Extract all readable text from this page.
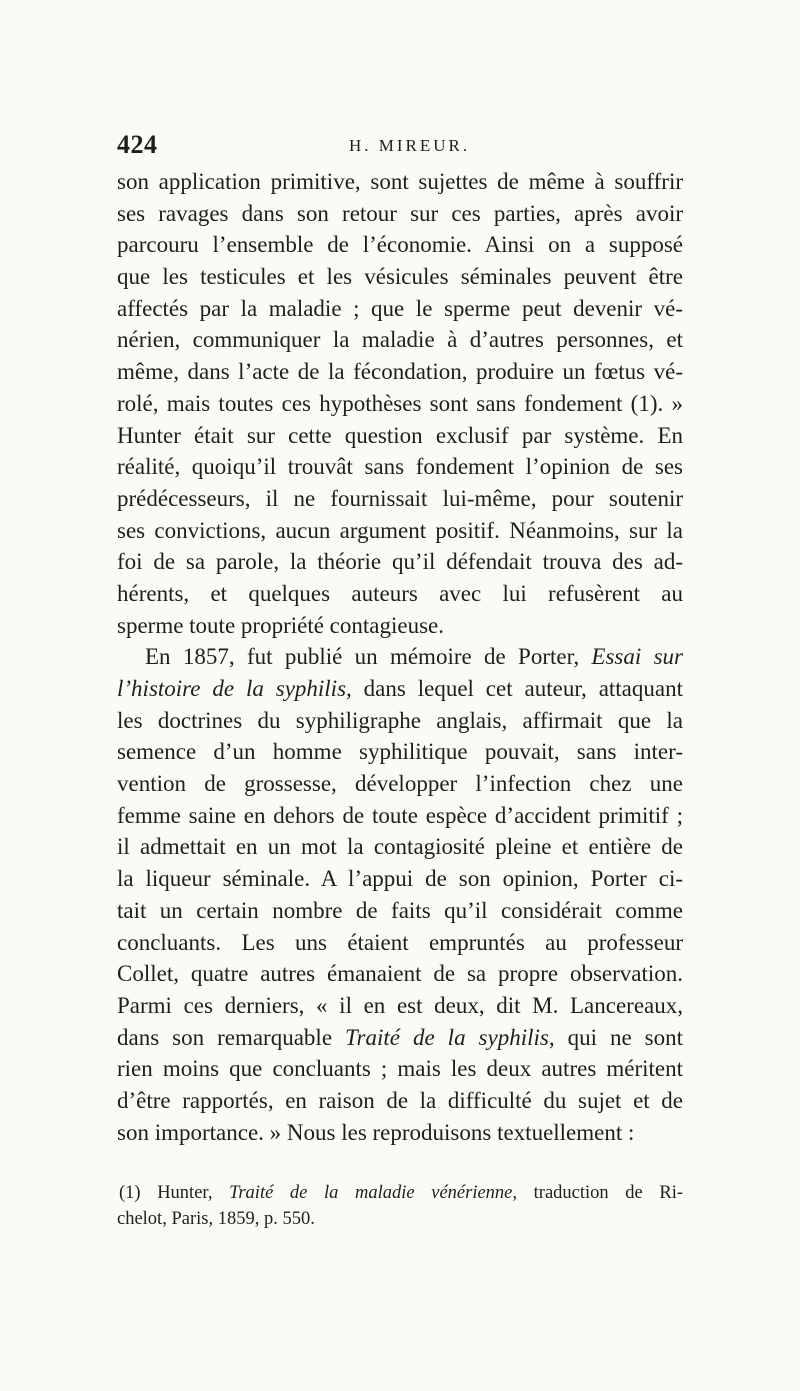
424	H. MIREUR.
son application primitive, sont sujettes de même à souffrir
ses ravages dans son retour sur ces parties, après avoir
parcouru l’ensemble de l’économie. Ainsi on a supposé
que les testicules et les vésicules séminales peuvent être
affectés par la maladie ; que le sperme peut devenir vé-
nérien, communiquer la maladie à d’autres personnes, et
même, dans l’acte de la fécondation, produire un fœtus vé-
rolé, mais toutes ces hypothèses sont sans fondement (1). »
Hunter était sur cette question exclusif par système. En
réalité, quoiqu’il trouvât sans fondement l’opinion de ses
prédécesseurs, il ne fournissait lui-même, pour soutenir
ses convictions, aucun argument positif. Néanmoins, sur la
foi de sa parole, la théorie qu’il défendait trouva des ad-
hérents, et quelques auteurs avec lui refusèrent au
sperme toute propriété contagieuse.
En 1857, fut publié un mémoire de Porter, Essai sur
l’histoire de la syphilis, dans lequel cet auteur, attaquant
les doctrines du syphiligraphe anglais, affirmait que la
semence d’un homme syphilitique pouvait, sans inter-
vention de grossesse, développer l’infection chez une
femme saine en dehors de toute espèce d’accident primitif ;
il admettait en un mot la contagiosité pleine et entière de
la liqueur séminale. A l’appui de son opinion, Porter ci-
tait un certain nombre de faits qu’il considérait comme
concluants. Les uns étaient empruntés au professeur
Collet, quatre autres émanaient de sa propre observation.
Parmi ces derniers, « il en est deux, dit M. Lancereaux,
dans son remarquable Traité de la syphilis, qui ne sont
rien moins que concluants ; mais les deux autres méritent
d’être rapportés, en raison de la difficulté du sujet et de
son importance. » Nous les reproduisons textuellement :
(1) Hunter, Traité de la maladie vénérienne, traduction de Ri-
chelot, Paris, 1859, p. 550.
